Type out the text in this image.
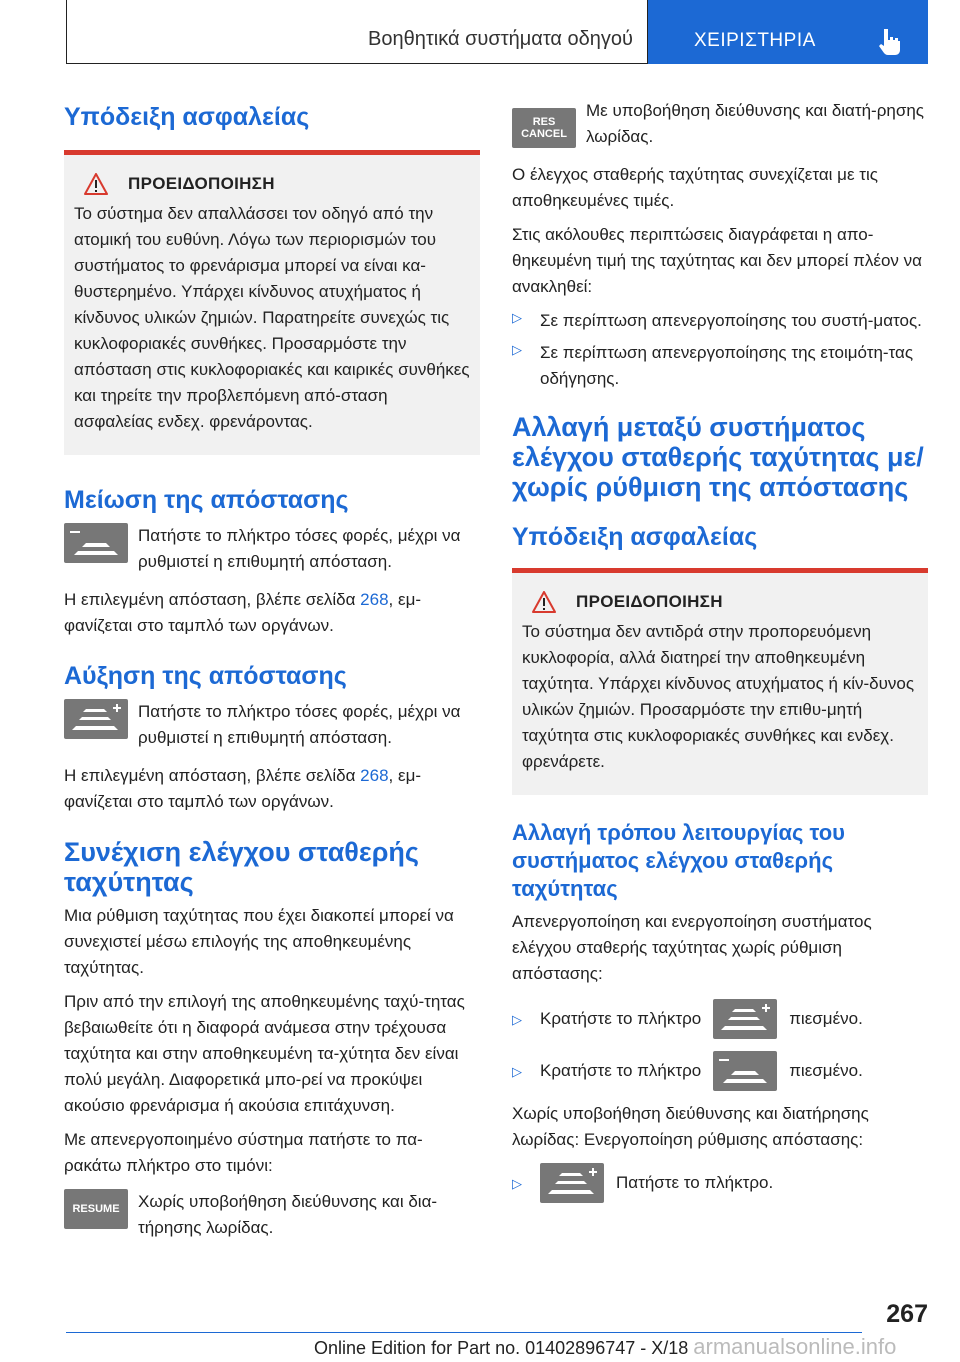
Βοηθητικά συστήματα οδηγού	ΧΕΙΡΙΣΤΗΡΙΑ
Υπόδειξη ασφαλείας
ΠΡΟΕΙΔΟΠΟΙΗΣΗ
Το σύστημα δεν απαλλάσσει τον οδηγό από την ατομική του ευθύνη. Λόγω των περιορισμών του συστήματος το φρενάρισμα μπορεί να είναι κα-θυστερημένο. Υπάρχει κίνδυνος ατυχήματος ή κίνδυνος υλικών ζημιών. Παρατηρείτε συνεχώς τις κυκλοφοριακές συνθήκες. Προσαρμόστε την απόσταση στις κυκλοφοριακές και καιρικές συνθήκες και τηρείτε την προβλεπόμενη από-σταση ασφαλείας ενδεχ. φρενάροντας.
Μείωση της απόστασης
Πατήστε το πλήκτρο τόσες φορές, μέχρι να ρυθμιστεί η επιθυμητή απόσταση.
Η επιλεγμένη απόσταση, βλέπε σελίδα 268, εμ-φανίζεται στο ταμπλό των οργάνων.
Αύξηση της απόστασης
Πατήστε το πλήκτρο τόσες φορές, μέχρι να ρυθμιστεί η επιθυμητή απόσταση.
Η επιλεγμένη απόσταση, βλέπε σελίδα 268, εμ-φανίζεται στο ταμπλό των οργάνων.
Συνέχιση ελέγχου σταθερής ταχύτητας
Μια ρύθμιση ταχύτητας που έχει διακοπεί μπορεί να συνεχιστεί μέσω επιλογής της αποθηκευμένης ταχύτητας.
Πριν από την επιλογή της αποθηκευμένης ταχύ-τητας βεβαιωθείτε ότι η διαφορά ανάμεσα στην τρέχουσα ταχύτητα και στην αποθηκευμένη τα-χύτητα δεν είναι πολύ μεγάλη. Διαφορετικά μπο-ρεί να προκύψει ακούσιο φρενάρισμα ή ακούσια επιτάχυνση.
Με απενεργοποιημένο σύστημα πατήστε το πα-ρακάτω πλήκτρο στο τιμόνι:
RESUME	Χωρίς υποβοήθηση διεύθυνσης και δια-τήρησης λωρίδας.
RES
CANCEL
Με υποβοήθηση διεύθυνσης και διατή-ρησης λωρίδας.
Ο έλεγχος σταθερής ταχύτητας συνεχίζεται με τις αποθηκευμένες τιμές.
Στις ακόλουθες περιπτώσεις διαγράφεται η απο-θηκευμένη τιμή της ταχύτητας και δεν μπορεί πλέον να ανακληθεί:
▷	Σε περίπτωση απενεργοποίησης του συστή-ματος.
▷	Σε περίπτωση απενεργοποίησης της ετοιμότη-τας οδήγησης.
Αλλαγή μεταξύ συστήματος ελέγχου σταθερής ταχύτητας με/χωρίς ρύθμιση της απόστασης
Υπόδειξη ασφαλείας
ΠΡΟΕΙΔΟΠΟΙΗΣΗ
Το σύστημα δεν αντιδρά στην προπορευόμενη κυκλοφορία, αλλά διατηρεί την αποθηκευμένη ταχύτητα. Υπάρχει κίνδυνος ατυχήματος ή κίν-δυνος υλικών ζημιών. Προσαρμόστε την επιθυ-μητή ταχύτητα στις κυκλοφοριακές συνθήκες και ενδεχ. φρενάρετε.
Αλλαγή τρόπου λειτουργίας του συστήματος ελέγχου σταθερής ταχύτητας
Απενεργοποίηση και ενεργοποίηση συστήματος ελέγχου σταθερής ταχύτητας χωρίς ρύθμιση απόστασης:
▷	Κρατήστε το πλήκτρο	πιεσμένο.
▷	Κρατήστε το πλήκτρο	πιεσμένο.
Χωρίς υποβοήθηση διεύθυνσης και διατήρησης λωρίδας: Ενεργοποίηση ρύθμισης απόστασης:
▷	Πατήστε το πλήκτρο.
267
Online Edition for Part no. 01402896747 - X/18 armanualsonline.info
